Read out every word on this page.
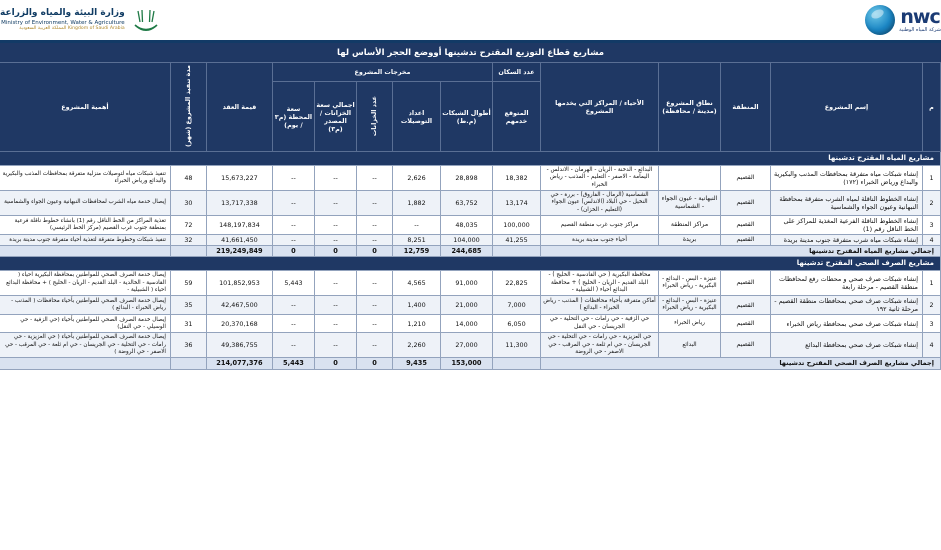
nwc
شركة المياه الوطنية
وزارة البيئة والمياه والزراعة
Ministry of Environment, Water & Agriculture
Kingdom of Saudi Arabia المملكة العربية السعودية
مشاريع قطاع التوزيع المقترح تدشينها أووضع الحجر الأساس لها
م	إسم المشروع	المنطقة	نطاق المشروع (مدينة / محافظة)	الأحياء / المراكز التي يخدمها المشروع	عدد السكان	مخرجات المشروع					قيمة العقد	مدة تنفيذ المشروع (شهر)	أهمية المشروع
					المتوقع خدمهم	أطوال الشبكات (م.ط)	اعداد التوصيلات	عدد الخزانات	اجمالي سعة الخزانات / المصدر (م٣)	سعة المحطة (م٣ / يوم)			
مشاريع المياه المقترح تدشينها													
1	إنشاء شبكات مياه متفرقة بمحافظات المذنب والبكيرية والبداع ورياض الخبراء (١٧٢)	القصيم		البدائع - الدخنة - الريان - الهرمان - الاندلس - اليمامة - الاصفر - التعليم - المذنب - رياض الخبراء	18,382	28,898	2,626	--	--	--	15,673,227	48	تنفيذ شبكات مياه لتوصيلات منزلية متفرقة بمحافظات المذنب والبكيرية والبدائع ورياض الخبراء
2	إنشاء الخطوط الناقلة لمياه الشرب متفرقة بمحافظة النبهانية وعيون الجواء والشماسية	القصيم	النبهانية - عيون الجواء - الشماسية	الشماسية (الرمال - الفاروق) - بررة - حي النخيل - حي البلاد (الاندلس) عيون الجواء (التعليم - الخزان) -	13,174	63,752	1,882	--	--	--	13,717,338	30	إيصال خدمة مياه الشرب لمحافظات النبهانية وعيون الجواء والشماسية
3	إنشاء الخطوط الناقلة الفرعية المغذية للمراكز على الخط الناقل رقم (1)	القصيم	مراكز المنطقة	مراكز جنوب غرب منطقة القصيم	100,000	48,035	--	--	--	--	148,197,834	72	تغذية المراكز من الخط الناقل رقم (1) بانشاء خطوط ناقلة فرعية بمنطقة جنوب غرب القصيم (مركز الخط الرئيسي)
4	إنشاء شبكات مياه شرب متفرقة جنوب مدينة بريدة	القصيم	بريدة	أحياء جنوب مدينة بريدة	41,255	104,000	8,251	--	--	--	41,661,450	32	تنفيذ شبكات وخطوط متفرقة لتغذية أحياء متفرقة جنوب مدينة بريدة
إجمالي مشاريع المياه المقترح تدشينها						244,685	12,759	0	0	0	219,249,849		
مشاريع الصرف الصحي المقترح تدشينها													
1	إنشاء شبكات صرف صحي و محطات رفع لمحافظات منطقة القصيم - مرحلة رابعة	القصيم	عنيزة - البس - البدائع - البكيرية - رياض الخبراء	محافظة البكيرية ( حي القادسية - الخليج ) - البلد القديم - الريان - الخليج ) + محافظة البدائع احياء ( الشبيلية -	22,825	91,000	4,565	--	--	5,443	101,852,953	59	إيصال خدمة الصرف الصحي للمواطنين بمحافظة البكيرية احياء ( القادسية - الخالدية - البلد القديم - الريان - الخليج ) + محافظة البدائع احياء ( الشبيلية -
2	إنشاء شبكات صرف صحي بمحافظات منطقة القصيم - مرحلة ثانية ١٩٢	القصيم	عنيزة - البس - البدائع - البكيرية - رياض الخبراء	أماكن متفرقة بأحياء محافظات ( المذنب - رياض الخبراء - البدائع )	7,000	21,000	1,400	--	--	--	42,467,500	35	إيصال خدمة الصرف الصحي للمواطنين بأحياء محافظات ( المذنب - رياض الخبراء - البدائع )
3	إنشاء شبكات صرف صحي بمحافظة رياض الخبراء	القصيم	رياض الخبراء	حي الزفية - حي رامات - حي التحلية - حي الجريسان - حي النقل	6,050	14,000	1,210	--	--	--	20,370,168	31	إيصال خدمة الصرف الصحي للمواطنين بأحياء (حي الزفية - حي الوسيلي - حي النقل)
4	إنشاء شبكات صرف صحي بمحافظة البدائع	القصيم	البدائع	حي العزيزية - حي رامات - حي التحلية - حي الجريسان - حي ام ثلعة - حي المرقب - حي الاصفر - حي الروضة	11,300	27,000	2,260	--	--	--	49,386,755	36	إيصال خدمة الصرف الصحي للمواطنين بأحياء ( حي العزيزية - حي رامات - حي التحلية - حي الجريسان - حي ام ثلعة - حي المرقب - حي الاصفر - حي الروضة )
إجمالي مشاريع الصرف الصحي المقترح تدشينها						153,000	9,435	0	0	5,443	214,077,376		
